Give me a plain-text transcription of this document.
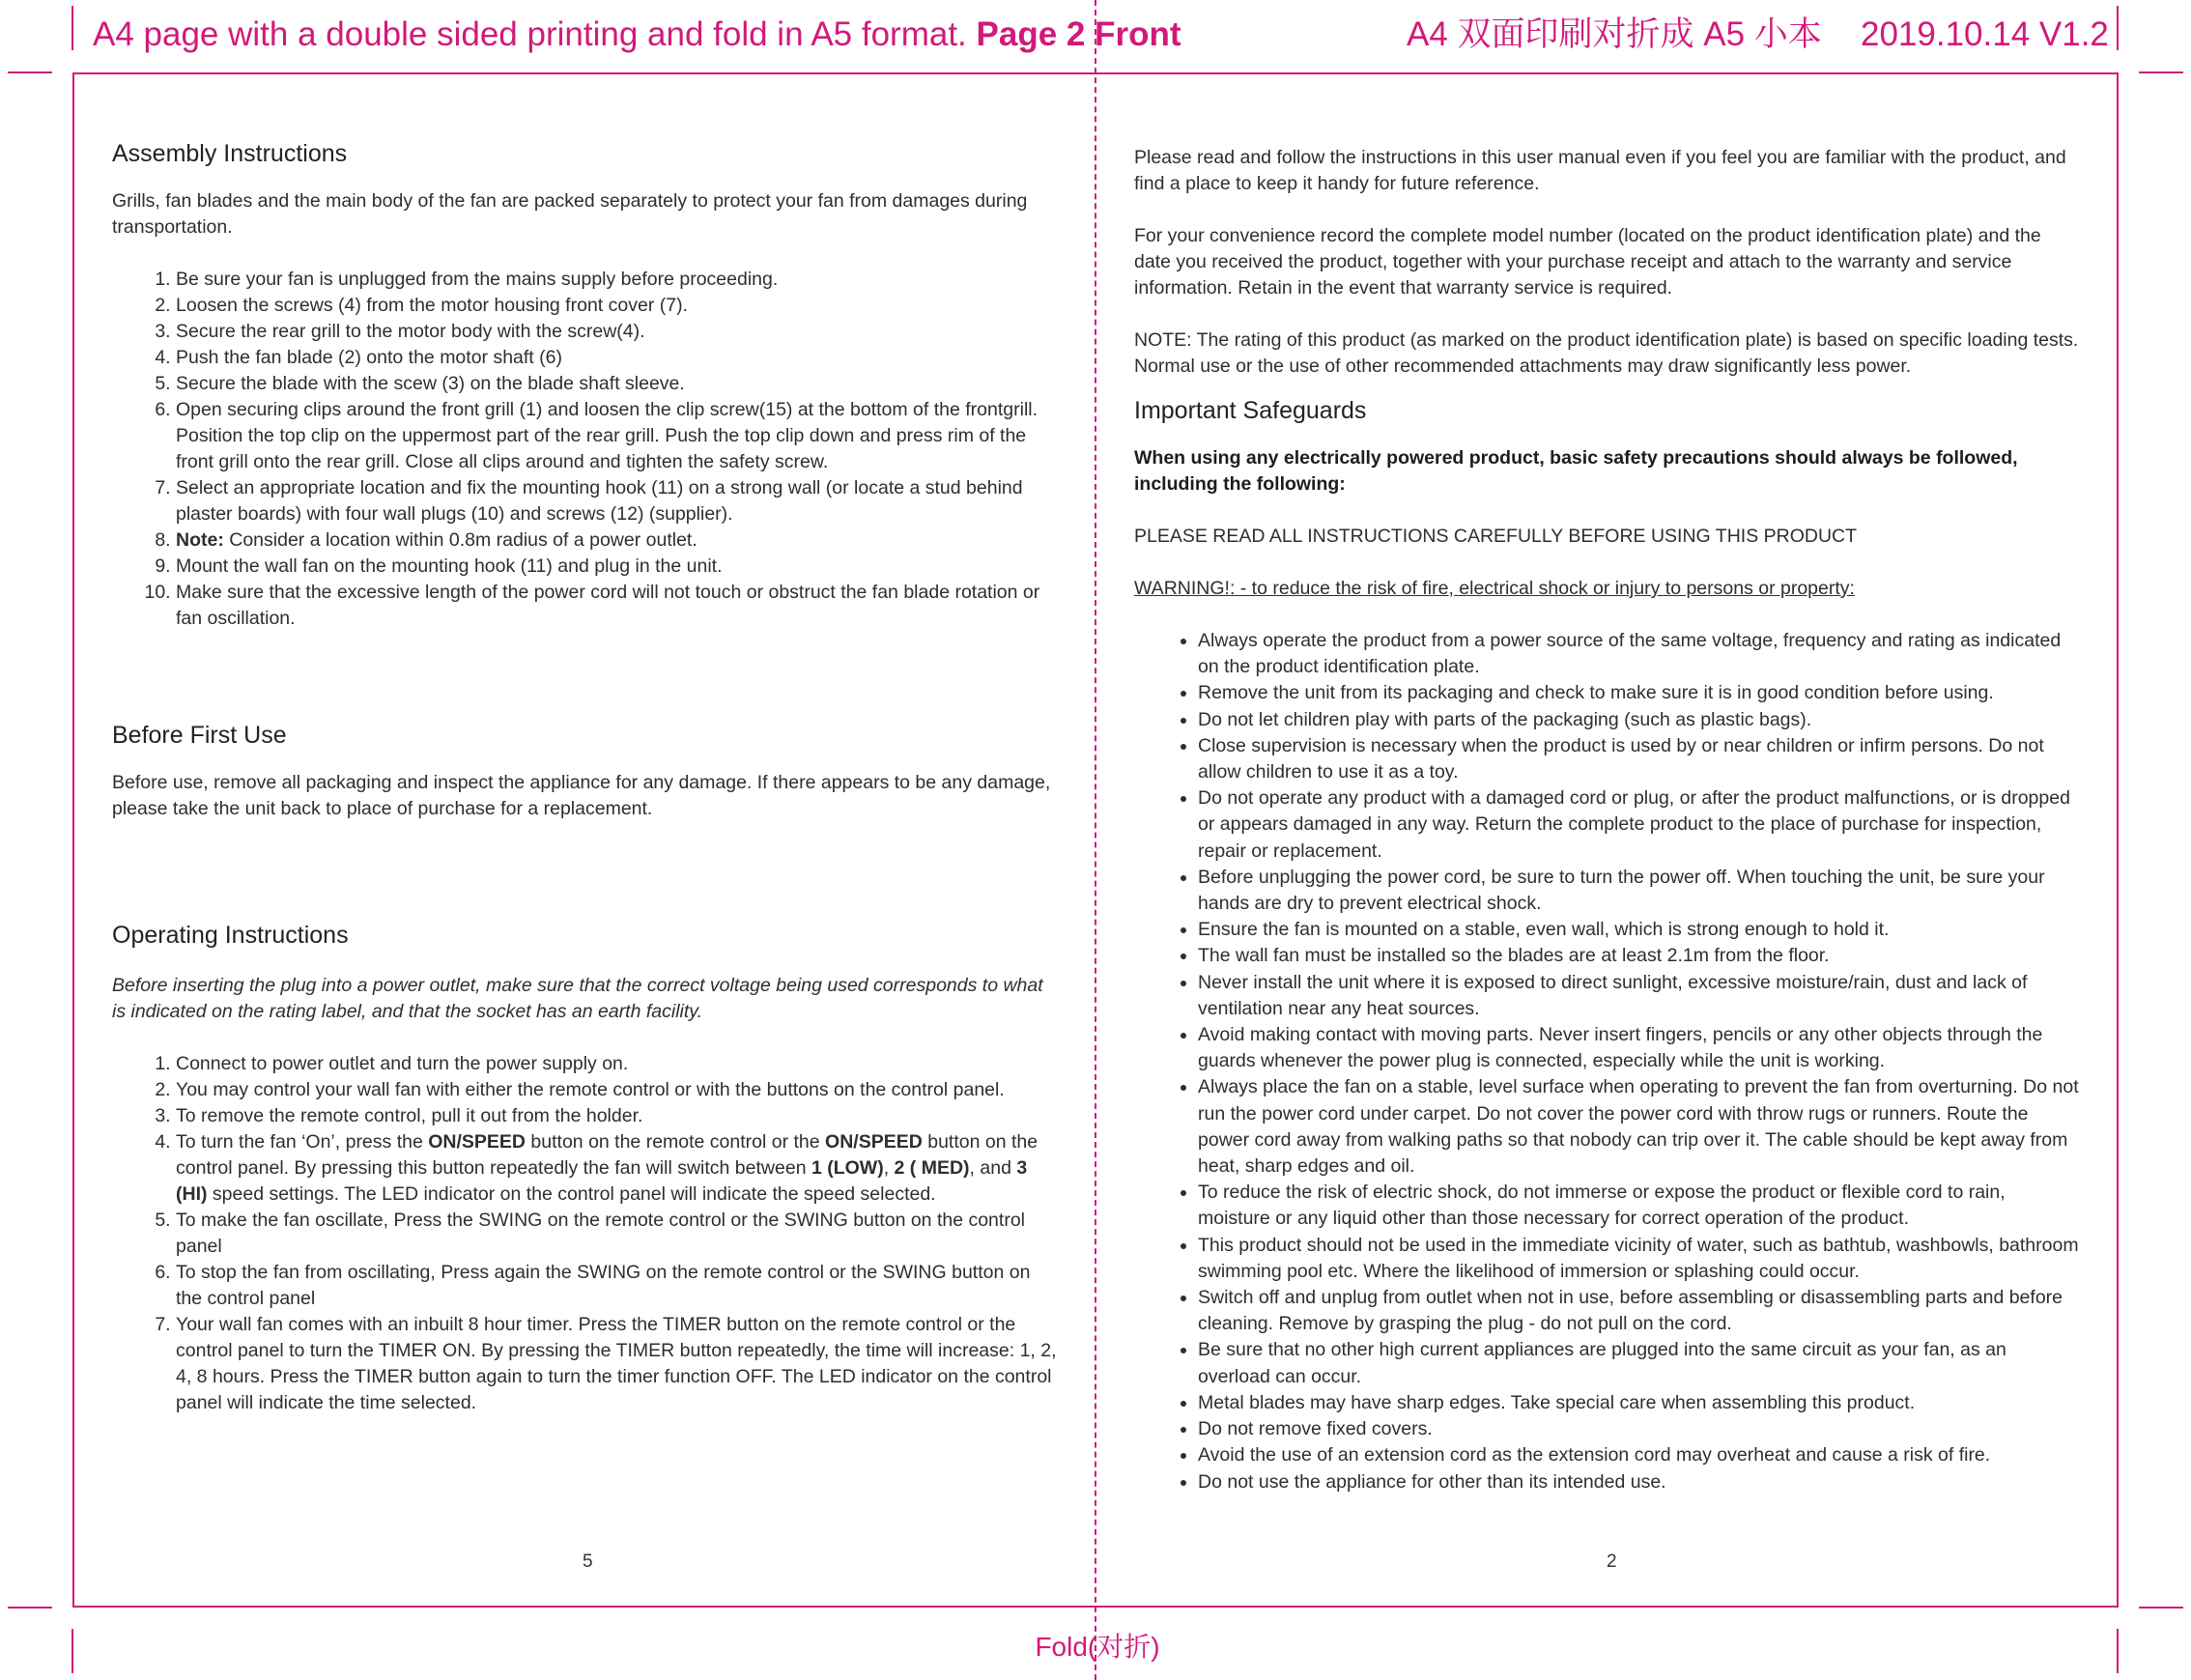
A4 page with a double sided printing and fold in A5 format. Page 2 Front	A4 双面印刷对折成 A5 小本 2019.10.14 V1.2
Fold(对折)
Assembly Instructions

Grills, fan blades and the main body of the fan are packed separately to protect your fan from damages during transportation.

1. Be sure your fan is unplugged from the mains supply before proceeding.
2. Loosen the screws (4) from the motor housing front cover (7).
3. Secure the rear grill to the motor body with the screw(4).
4. Push the fan blade (2) onto the motor shaft (6)
5. Secure the blade with the scew (3) on the blade shaft sleeve.
6. Open securing clips around the front grill (1) and loosen the clip screw(15) at the bottom of the frontgrill. Position the top clip on the uppermost part of the rear grill. Push the top clip down and press rim of the front grill onto the rear grill. Close all clips around and tighten the safety screw.
7. Select an appropriate location and fix the mounting hook (11) on a strong wall (or locate a stud behind plaster boards) with four wall plugs (10) and screws (12) (supplier).
8. Note: Consider a location within 0.8m radius of a power outlet.
9. Mount the wall fan on the mounting hook (11) and plug in the unit.
10. Make sure that the excessive length of the power cord will not touch or obstruct the fan blade rotation or fan oscillation.
Before First Use

Before use, remove all packaging and inspect the appliance for any damage. If there appears to be any damage, please take the unit back to place of purchase for a replacement.

Operating Instructions

Before inserting the plug into a power outlet, make sure that the correct voltage being used corresponds to what is indicated on the rating label, and that the socket has an earth facility.

1. Connect to power outlet and turn the power supply on.
2. You may control your wall fan with either the remote control or with the buttons on the control panel.
3. To remove the remote control, pull it out from the holder.
4. To turn the fan ‘On’, press the ON/SPEED button on the remote control or the ON/SPEED button on the control panel. By pressing this button repeatedly the fan will switch between 1 (LOW), 2 ( MED), and 3 (HI) speed settings. The LED indicator on the control panel will indicate the speed selected.
5. To make the fan oscillate, Press the SWING on the remote control or the SWING button on the control panel
6. To stop the fan from oscillating, Press again the SWING on the remote control or the SWING button on the control panel
7. Your wall fan comes with an inbuilt 8 hour timer. Press the TIMER button on the remote control or the control panel to turn the TIMER ON. By pressing the TIMER button repeatedly, the time will increase: 1, 2, 4, 8 hours. Press the TIMER button again to turn the timer function OFF. The LED indicator on the control panel will indicate the time selected.
5

Please read and follow the instructions in this user manual even if you feel you are familiar with the product, and find a place to keep it handy for future reference.

For your convenience record the complete model number (located on the product identification plate) and the date you received the product, together with your purchase receipt and attach to the warranty and service information. Retain in the event that warranty service is required.

NOTE: The rating of this product (as marked on the product identification plate) is based on specific loading tests. Normal use or the use of other recommended attachments may draw significantly less power.

Important Safeguards

When using any electrically powered product, basic safety precautions should always be followed, including the following:

PLEASE READ ALL INSTRUCTIONS CAREFULLY BEFORE USING THIS PRODUCT

WARNING!: - to reduce the risk of fire, electrical shock or injury to persons or property:

• Always operate the product from a power source of the same voltage, frequency and rating as indicated on the product identification plate.
• Remove the unit from its packaging and check to make sure it is in good condition before using.
• Do not let children play with parts of the packaging (such as plastic bags).
• Close supervision is necessary when the product is used by or near children or infirm persons. Do not allow children to use it as a toy.
• Do not operate any product with a damaged cord or plug, or after the product malfunctions, or is dropped or appears damaged in any way. Return the complete product to the place of purchase for inspection, repair or replacement.
• Before unplugging the power cord, be sure to turn the power off. When touching the unit, be sure your hands are dry to prevent electrical shock.
• Ensure the fan is mounted on a stable, even wall, which is strong enough to hold it.
• The wall fan must be installed so the blades are at least 2.1m from the floor.
• Never install the unit where it is exposed to direct sunlight, excessive moisture/rain, dust and lack of ventilation near any heat sources.
• Avoid making contact with moving parts. Never insert fingers, pencils or any other objects through the guards whenever the power plug is connected, especially while the unit is working.
• Always place the fan on a stable, level surface when operating to prevent the fan from overturning. Do not run the power cord under carpet. Do not cover the power cord with throw rugs or runners. Route the power cord away from walking paths so that nobody can trip over it. The cable should be kept away from heat, sharp edges and oil.
• To reduce the risk of electric shock, do not immerse or expose the product or flexible cord to rain, moisture or any liquid other than those necessary for correct operation of the product.
• This product should not be used in the immediate vicinity of water, such as bathtub, washbowls, bathroom swimming pool etc. Where the likelihood of immersion or splashing could occur.
• Switch off and unplug from outlet when not in use, before assembling or disassembling parts and before cleaning. Remove by grasping the plug - do not pull on the cord.
• Be sure that no other high current appliances are plugged into the same circuit as your fan, as an overload can occur.
• Metal blades may have sharp edges. Take special care when assembling this product.
• Do not remove fixed covers.
• Avoid the use of an extension cord as the extension cord may overheat and cause a risk of fire.
• Do not use the appliance for other than its intended use.
2
